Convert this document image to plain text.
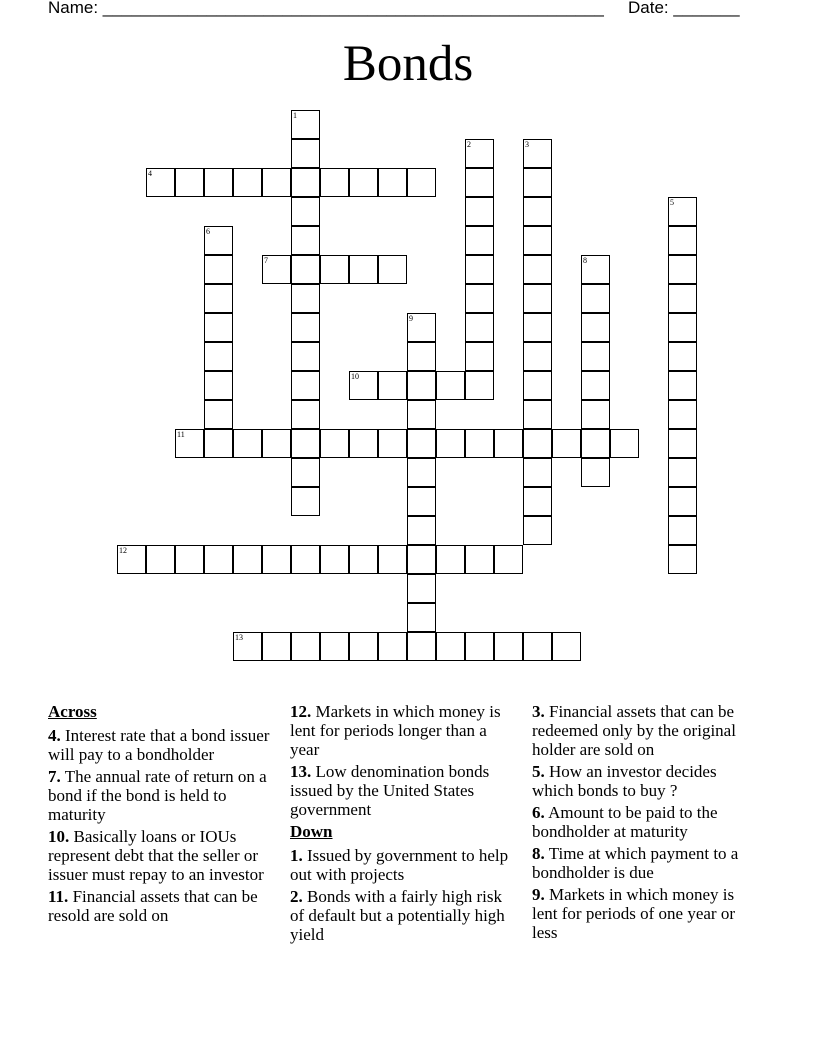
Name: _____________________________________________________ Date: _______
Bonds
1
2	3
4
5
6
7	8
9
10
11
12
13
Across
4. Interest rate that a bond issuer will pay to a bondholder
7. The annual rate of return on a bond if the bond is held to maturity
10. Basically loans or IOUs represent debt that the seller or issuer must repay to an investor
11. Financial assets that can be resold are sold on
12. Markets in which money is lent for periods longer than a year
13. Low denomination bonds issued by the United States government
Down
1. Issued by government to help out with projects
2. Bonds with a fairly high risk of default but a potentially high yield
3. Financial assets that can be redeemed only by the original holder are sold on
5. How an investor decides which bonds to buy ?
6. Amount to be paid to the bondholder at maturity
8. Time at which payment to a bondholder is due
9. Markets in which money is lent for periods of one year or less
